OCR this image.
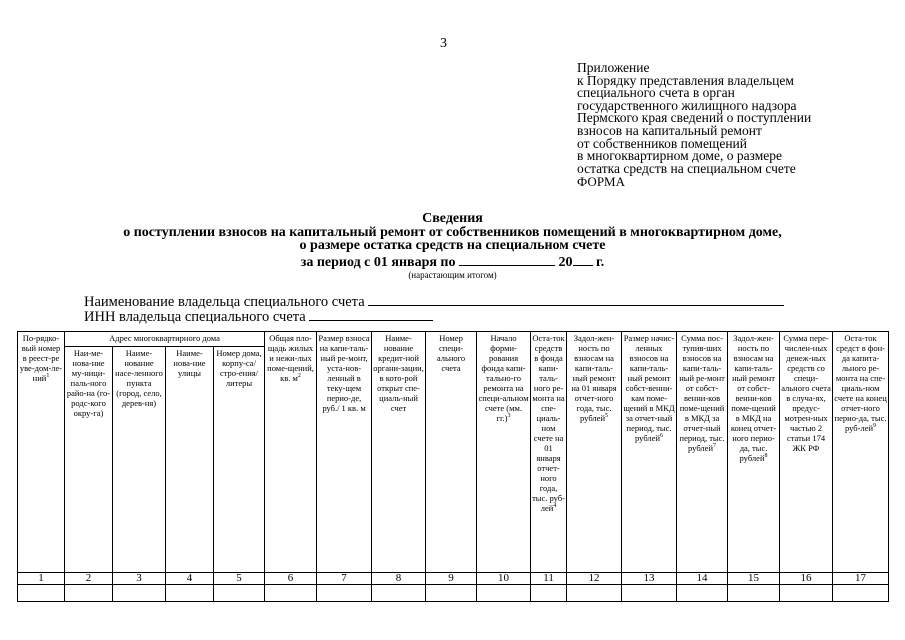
3
Приложение
к Порядку представления владельцем
специального счета в орган
государственного жилищного надзора
Пермского края сведений о поступлении
взносов на капитальный ремонт
от собственников помещений
в многоквартирном доме, о размере
остатка средств на специальном счете
ФОРМА
Сведения
о поступлении взносов на капитальный ремонт от собственников помещений в многоквартирном доме,
о размере остатка средств на специальном счете
за период с 01 января по	20 г.
(нарастающим итогом)
Наименование владельца специального счета
ИНН владельца специального счета
По-рядко-вый номер в реест-ре уве-дом-ле-ний$^1$	Адрес многоквартирного дома				Общая пло-щадь жилых и нежи-лых поме-щений, кв. $м^2$	Размер взноса на капи-таль-ный ре-монт, уста-нов-ленный в теку-щем перио-де, руб./ 1 кв. м	Наиме-нование кредит-ной органи-зации, в кото-рой открыт спе-циаль-ный счет	Номер специ-ального счета	Начало форми-рования фонда капи-тально-го ремонта на специ-альном счете (мм. гг.)$^3$	Оста-ток средств в фонда капи-таль-ного ре-монта на спе-циаль-ном счете на 01 января отчет-ного года, тыс. руб-лей$^4$	Задол-жен-ность по взносам на капи-таль-ный ремонт на 01 января отчет-ного года, тыс. рублей$^5$	Размер начис-ленных взносов на капи-таль-ный ремонт собст-венни-кам поме-щений в МКД за отчет-ный период, тыс. рублей$^6$	Сумма пос-тупив-ших взносов на капи-таль-ный ре-монт от собст-венни-ков поме-щений в МКД за отчет-ный период, тыс. рублей$^7$	Задол-жен-ность по взносам на капи-таль-ный ремонт от собст-венни-ков поме-щений в МКД на конец отчет-ного перио-да, тыс. рублей$^8$	Сумма пере-числен-ных денеж-ных средств со специ-ального счета в случа-ях, предус-мотрен-ных частью 2 статьи 174 ЖК РФ	Оста-ток средст в фон-да капита-льного ре-монта на спе-циаль-ном счете на конец отчет-ного перио-да, тыс. руб-лей$^9$
	Наи-ме-нова-ние му-ници-паль-ного райо-на (го-родс-кого окру-га)	Наиме-нование насе-ленного пункта (город, село, дерев-ня)	Наиме-нова-ние улицы	Номер дома, корпу-са/ стро-ения/ литеры												
1	2	3	4	5	6	7	8	9	10	11	12	13	14	15	16	17
